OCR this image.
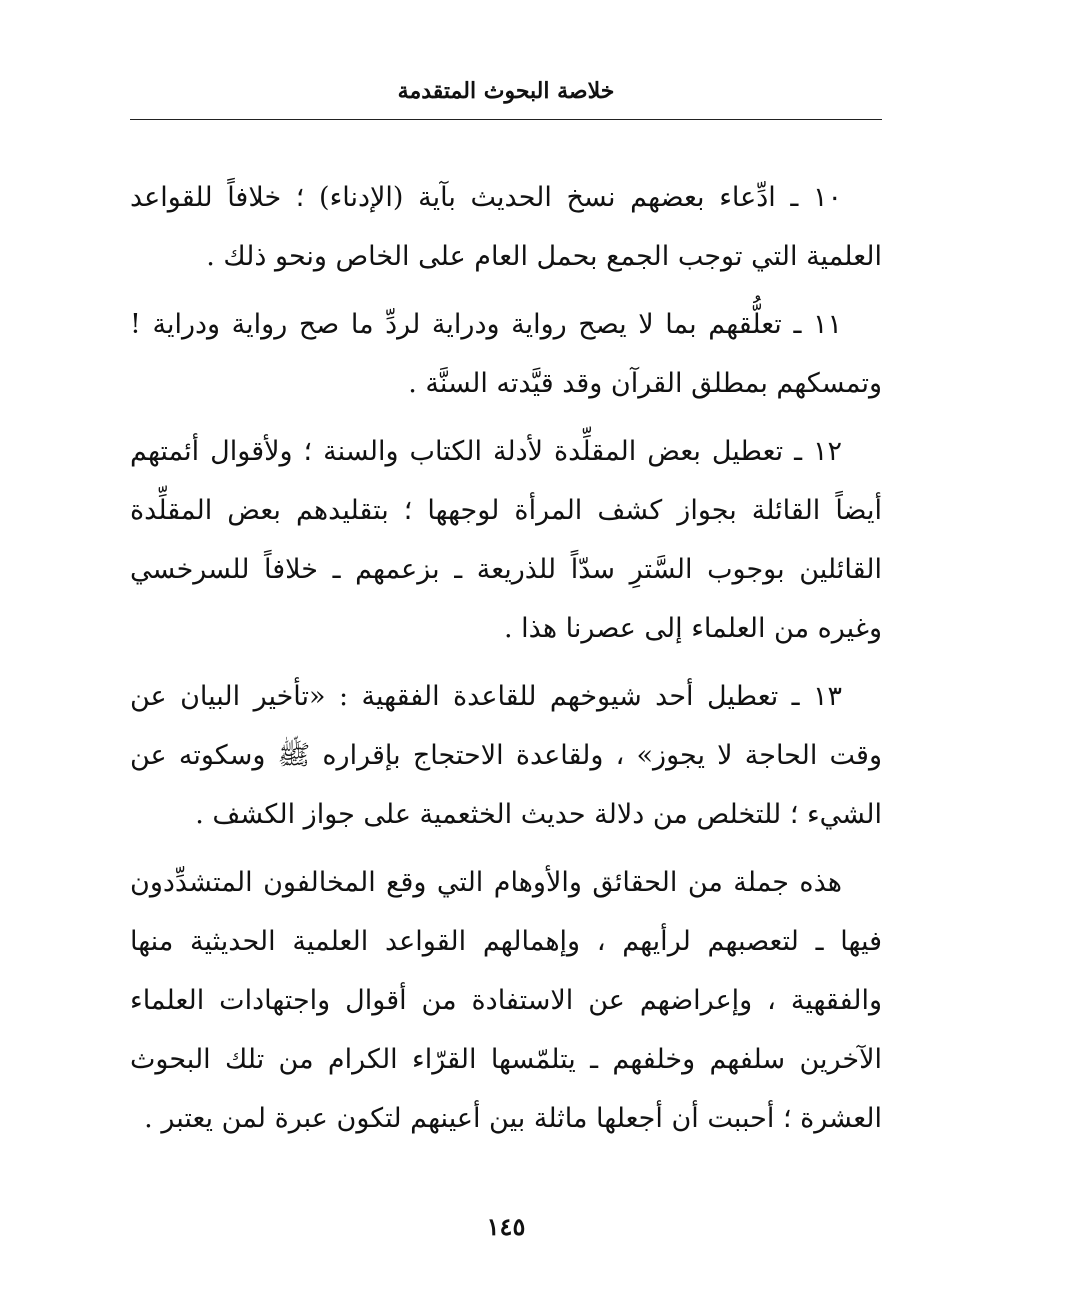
خلاصة البحوث المتقدمة

١٠ ـ ادِّعاء بعضهم نسخ الحديث بآية (الإدناء) ؛ خلافاً للقواعد العلمية التي توجب الجمع بحمل العام على الخاص ونحو ذلك .

١١ ـ تعلُّقهم بما لا يصح رواية ودراية لردِّ ما صح رواية ودراية ! وتمسكهم بمطلق القرآن وقد قيَّدته السنَّة .

١٢ ـ تعطيل بعض المقلِّدة لأدلة الكتاب والسنة ؛ ولأقوال أئمتهم أيضاً القائلة بجواز كشف المرأة لوجهها ؛ بتقليدهم بعض المقلِّدة القائلين بوجوب السَّترِ سدّاً للذريعة ـ بزعمهم ـ خلافاً للسرخسي وغيره من العلماء إلى عصرنا هذا .

١٣ ـ تعطيل أحد شيوخهم للقاعدة الفقهية : «تأخير البيان عن وقت الحاجة لا يجوز» ، ولقاعدة الاحتجاج بإقراره ﷺ وسكوته عن الشيء ؛ للتخلص من دلالة حديث الخثعمية على جواز الكشف .

هذه جملة من الحقائق والأوهام التي وقع المخالفون المتشدِّدون فيها ـ لتعصبهم لرأيهم ، وإهمالهم القواعد العلمية الحديثية منها والفقهية ، وإعراضهم عن الاستفادة من أقوال واجتهادات العلماء الآخرين سلفهم وخلفهم ـ يتلمّسها القرّاء الكرام من تلك البحوث العشرة ؛ أحببت أن أجعلها ماثلة بين أعينهم لتكون عبرة لمن يعتبر .

١٤٥
